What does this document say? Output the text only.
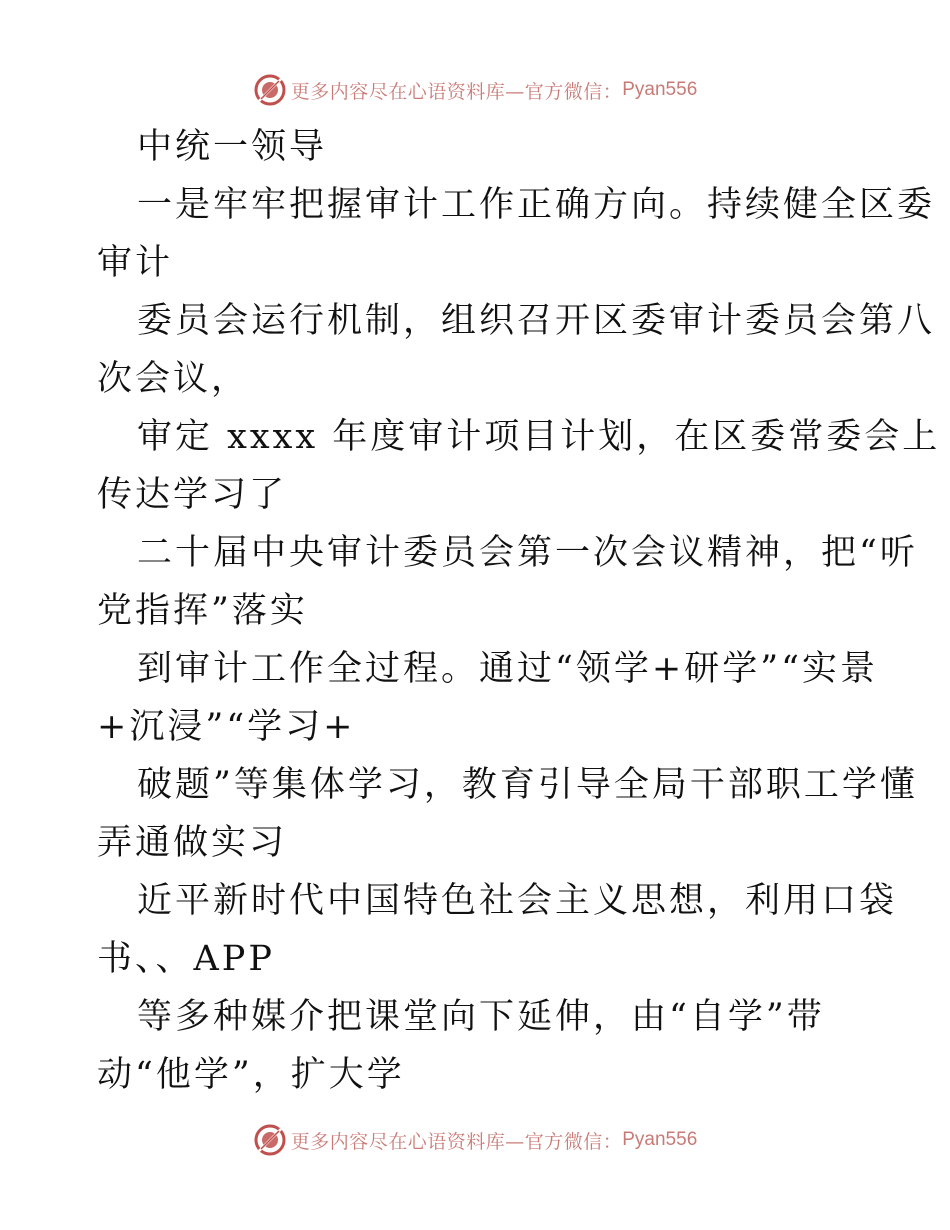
更多内容尽在心语资料库—官方微信： Pyan556
中统一领导
一是牢牢把握审计工作正确方向。持续健全区委
审计
委员会运行机制，组织召开区委审计委员会第八
次会议，
审定 xxxx 年度审计项目计划，在区委常委会上
传达学习了
二十届中央审计委员会第一次会议精神，把“听
党指挥”落实
到审计工作全过程。通过“领学+研学”“实景
+沉浸”“学习+
破题”等集体学习，教育引导全局干部职工学懂
弄通做实习
近平新时代中国特色社会主义思想，利用口袋
书、、APP
等多种媒介把课堂向下延伸，由“自学”带
动“他学”，扩大学
更多内容尽在心语资料库—官方微信： Pyan556
